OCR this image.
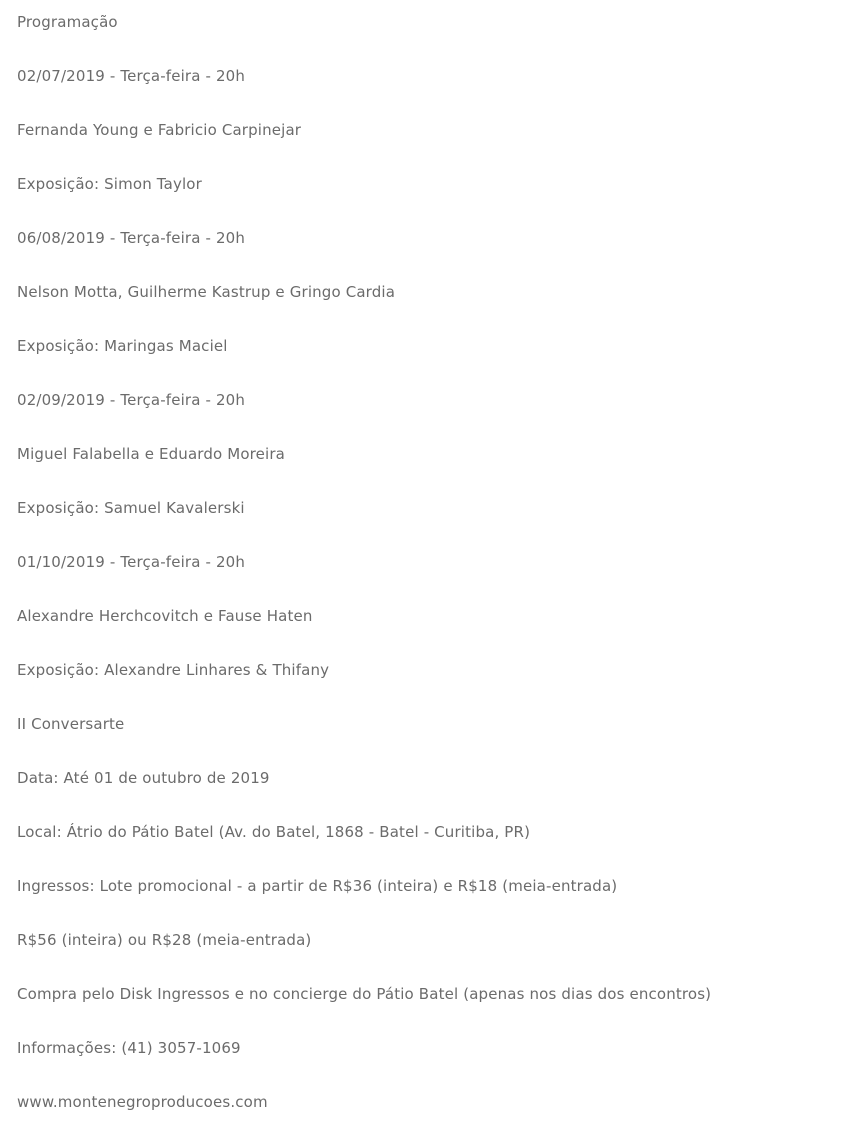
Programação

02/07/2019 - Terça-feira - 20h

Fernanda Young e Fabricio Carpinejar

Exposição: Simon Taylor

06/08/2019 - Terça-feira - 20h

Nelson Motta, Guilherme Kastrup e Gringo Cardia

Exposição: Maringas Maciel

02/09/2019 - Terça-feira - 20h

Miguel Falabella e Eduardo Moreira

Exposição: Samuel Kavalerski

01/10/2019 - Terça-feira - 20h

Alexandre Herchcovitch e Fause Haten

Exposição: Alexandre Linhares & Thifany

II Conversarte

Data: Até 01 de outubro de 2019

Local: Átrio do Pátio Batel (Av. do Batel, 1868 - Batel - Curitiba, PR)

Ingressos: Lote promocional - a partir de R$36 (inteira) e R$18 (meia-entrada)

R$56 (inteira) ou R$28 (meia-entrada)

Compra pelo Disk Ingressos e no concierge do Pátio Batel (apenas nos dias dos encontros)

Informações: (41) 3057-1069

www.montenegroproducoes.com
